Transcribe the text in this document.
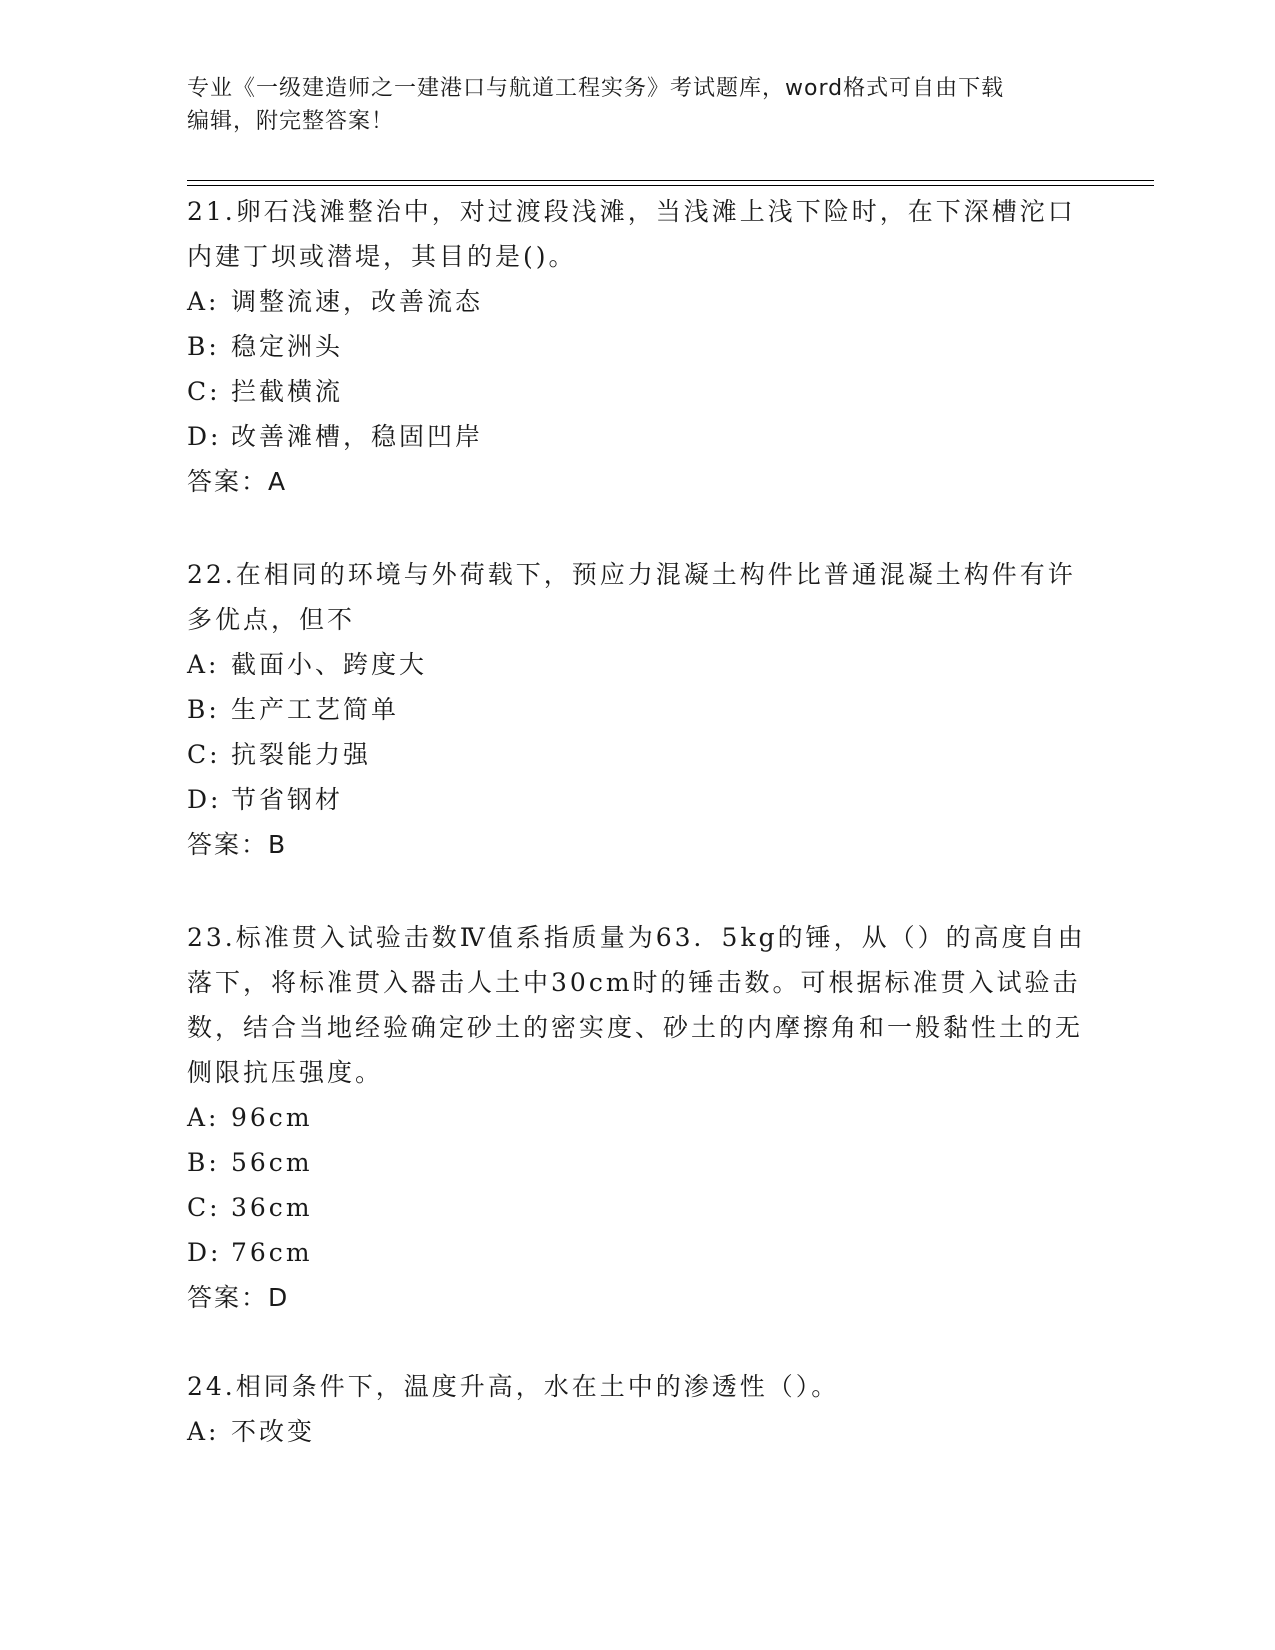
专业《一级建造师之一建港口与航道工程实务》考试题库，word格式可自由下载
编辑，附完整答案！
21.卵石浅滩整治中，对过渡段浅滩，当浅滩上浅下险时，在下深槽沱口内建丁坝或潜堤，其目的是()。
A: 调整流速，改善流态
B: 稳定洲头
C: 拦截横流
D: 改善滩槽，稳固凹岸
答案：A
22.在相同的环境与外荷载下，预应力混凝土构件比普通混凝土构件有许多优点，但不
A: 截面小、跨度大
B: 生产工艺简单
C: 抗裂能力强
D: 节省钢材
答案：B
23.标准贯入试验击数Ⅳ值系指质量为63．5kg的锤，从（）的高度自由落下，将标准贯入器击人土中30cm时的锤击数。可根据标准贯入试验击数，结合当地经验确定砂土的密实度、砂土的内摩擦角和一般黏性土的无侧限抗压强度。
A: 96cm
B: 56cm
C: 36cm
D: 76cm
答案：D
24.相同条件下，温度升高，水在土中的渗透性（）。
A: 不改变
